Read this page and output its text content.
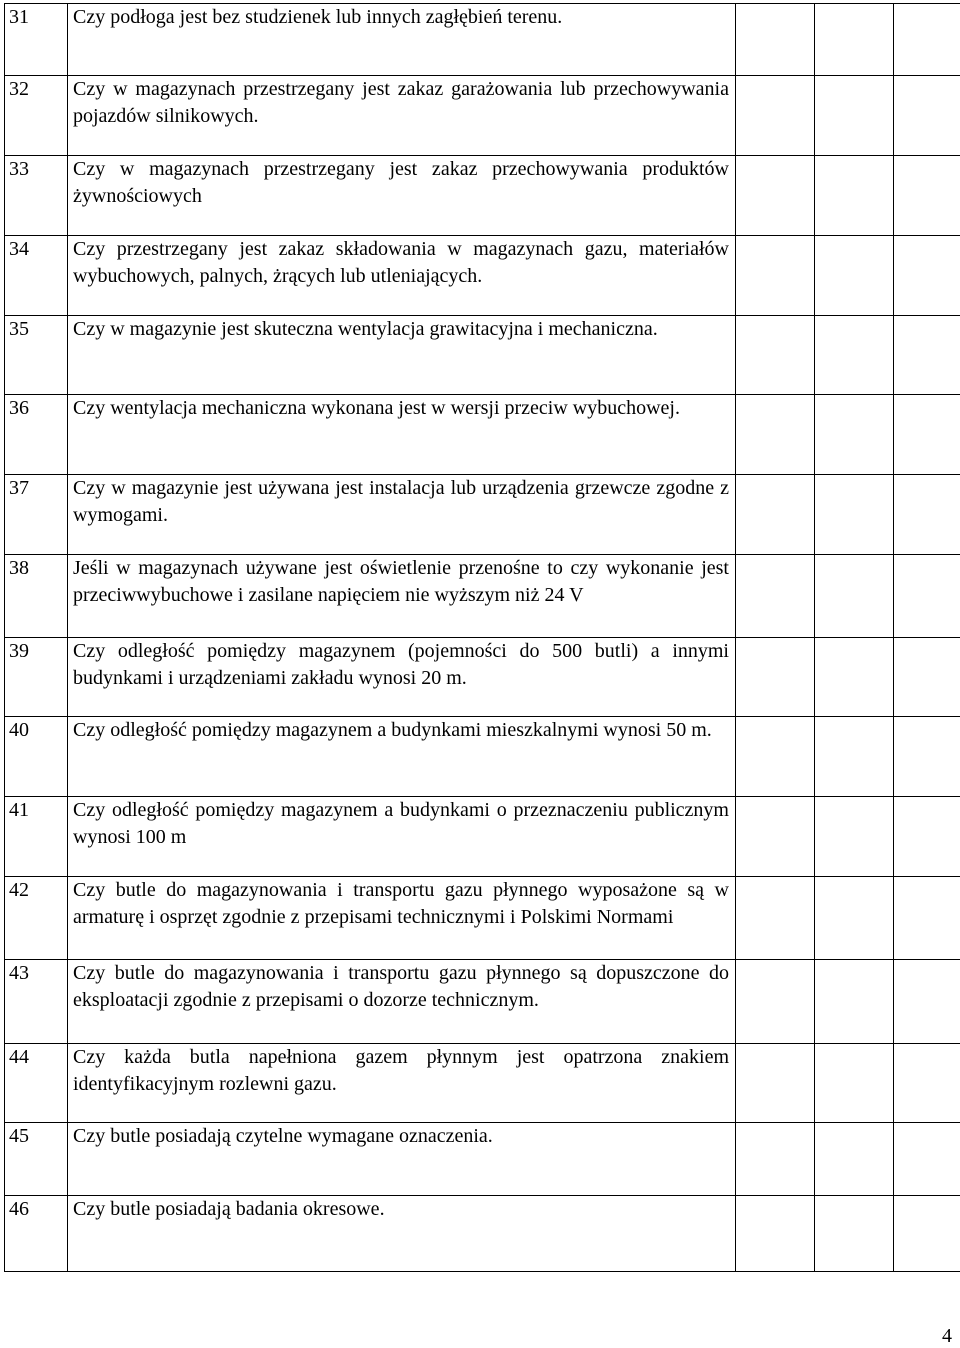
31	Czy podłoga jest bez studzienek lub innych zagłębień terenu.			
32	Czy w magazynach przestrzegany jest zakaz garażowania lub przechowywania pojazdów silnikowych.			
33	Czy w magazynach przestrzegany jest zakaz przechowywania produktów żywnościowych			
34	Czy przestrzegany jest zakaz składowania w magazynach gazu, materiałów wybuchowych, palnych, żrących lub utleniających.			
35	Czy w magazynie jest skuteczna wentylacja grawitacyjna i mechaniczna.			
36	Czy wentylacja mechaniczna wykonana jest w wersji przeciw wybuchowej.			
37	Czy w magazynie jest używana jest instalacja lub urządzenia grzewcze zgodne z wymogami.			
38	Jeśli w magazynach używane jest oświetlenie przenośne to czy wykonanie jest przeciwwybuchowe i zasilane napięciem nie wyższym niż 24 V			
39	Czy odległość pomiędzy magazynem (pojemności do 500 butli) a innymi budynkami i urządzeniami zakładu wynosi 20 m.			
40	Czy odległość pomiędzy magazynem a budynkami mieszkalnymi wynosi 50 m.			
41	Czy odległość pomiędzy magazynem a budynkami o przeznaczeniu publicznym wynosi 100 m			
42	Czy butle do magazynowania i transportu gazu płynnego wyposażone są w armaturę i osprzęt zgodnie z przepisami technicznymi i Polskimi Normami			
43	Czy butle do magazynowania i transportu gazu płynnego są dopuszczone do eksploatacji zgodnie z przepisami o dozorze technicznym.			
44	Czy każda butla napełniona gazem płynnym jest opatrzona znakiem identyfikacyjnym rozlewni gazu.			
45	Czy butle posiadają czytelne wymagane oznaczenia.			
46	Czy butle posiadają badania okresowe.			
4
